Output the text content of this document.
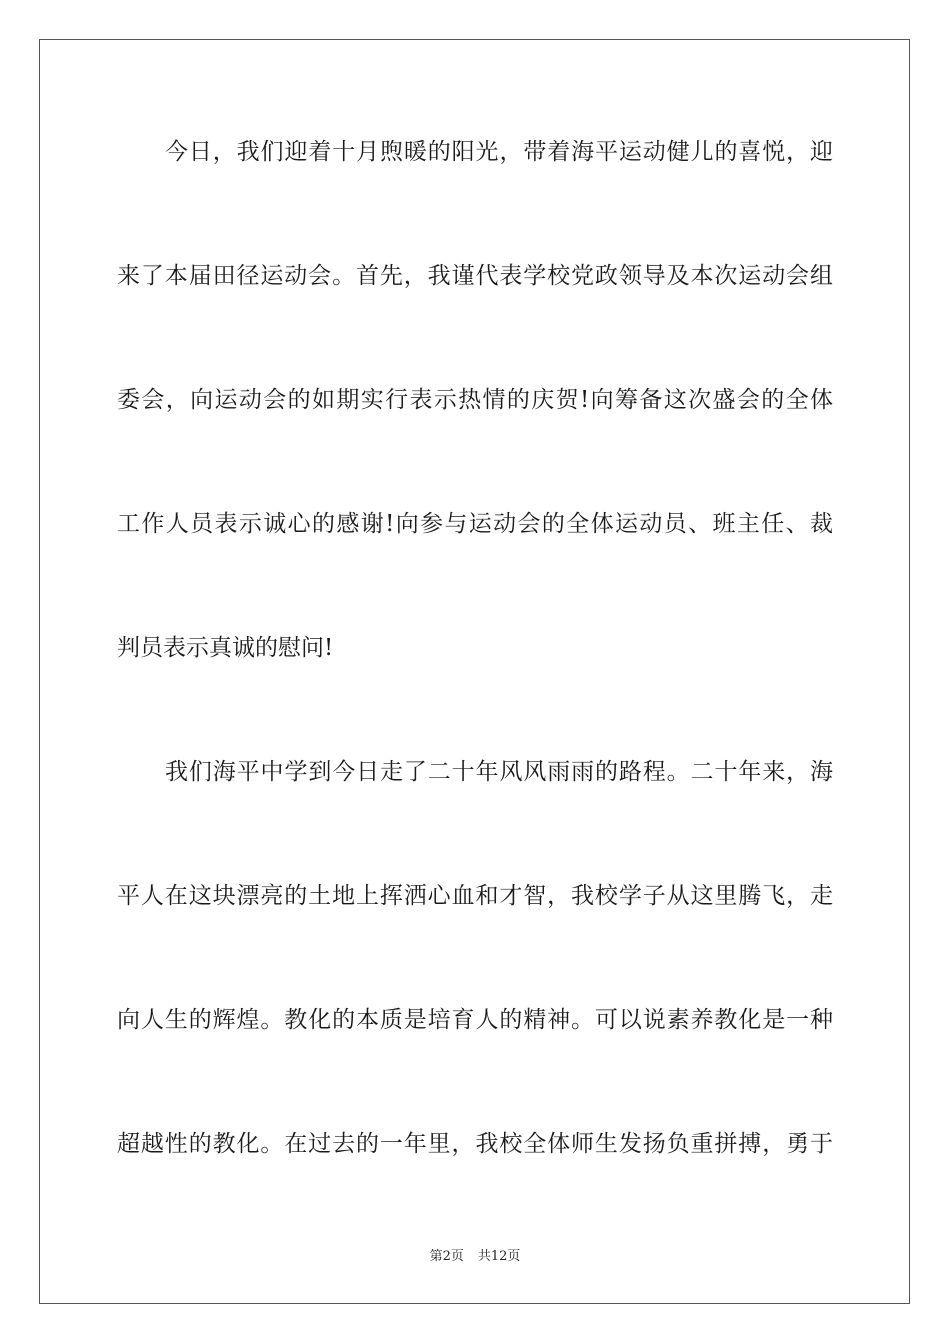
今日，我们迎着十月煦暖的阳光，带着海平运动健儿的喜悦，迎
来了本届田径运动会。首先，我谨代表学校党政领导及本次运动会组
委会，向运动会的如期实行表示热情的庆贺!向筹备这次盛会的全体
工作人员表示诚心的感谢!向参与运动会的全体运动员、班主任、裁
判员表示真诚的慰问!
我们海平中学到今日走了二十年风风雨雨的路程。二十年来，海
平人在这块漂亮的土地上挥洒心血和才智，我校学子从这里腾飞，走
向人生的辉煌。教化的本质是培育人的精神。可以说素养教化是一种
超越性的教化。在过去的一年里，我校全体师生发扬负重拼搏，勇于
第2页 共12页
